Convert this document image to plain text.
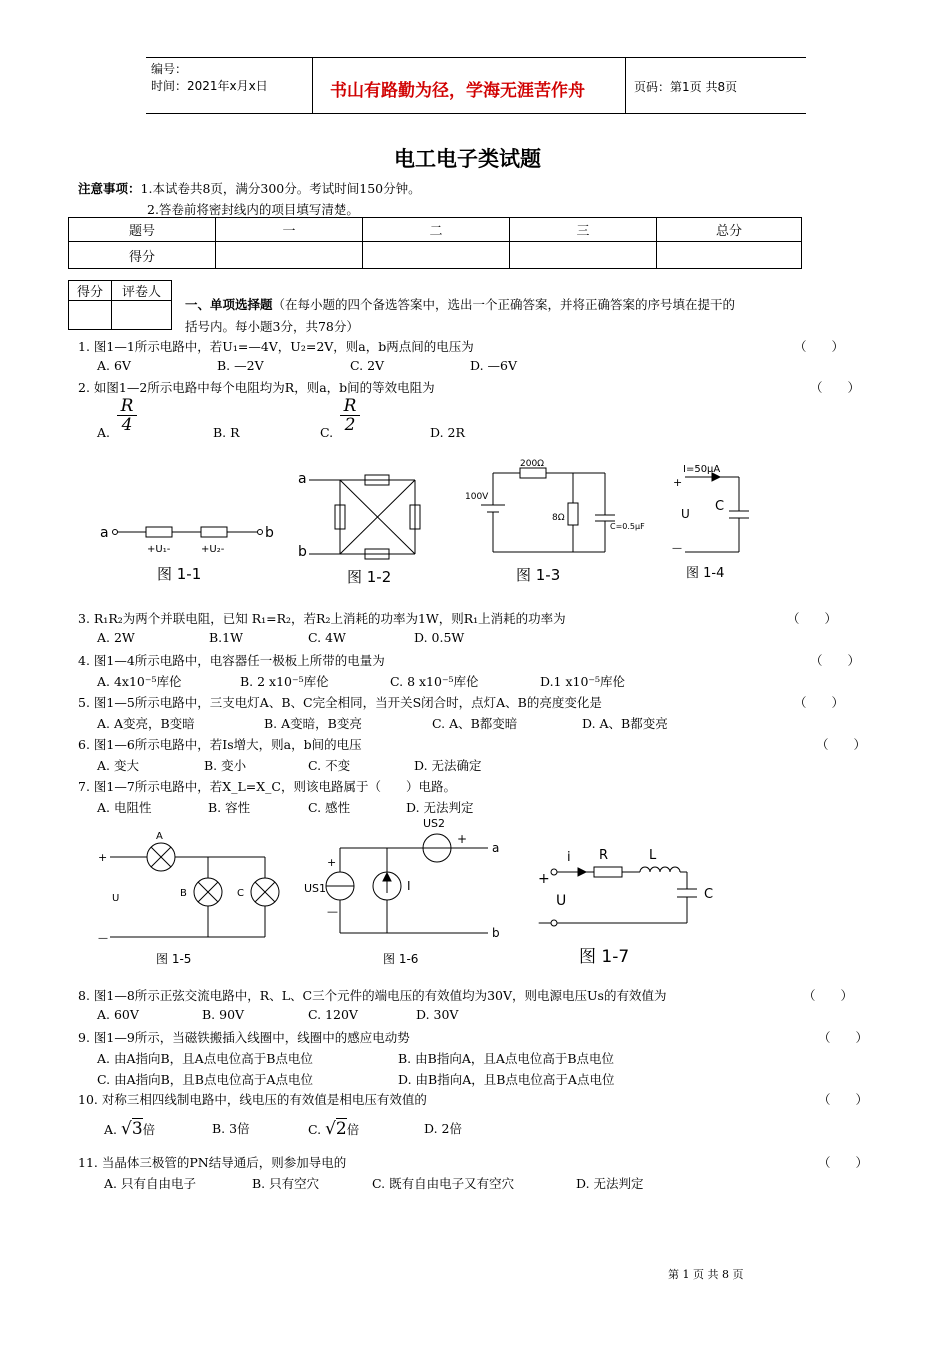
编号：
时间：2021年x月x日	书山有路勤为径，学海无涯苦作舟	页码：第1页 共8页
电工电子类试题
注意事项：1.本试卷共8页，满分300分。考试时间150分钟。
2.答卷前将密封线内的项目填写清楚。
题号	一	二	三	总分
得分				
得分	评卷人

一、单项选择题（在每小题的四个备选答案中，选出一个正确答案，并将正确答案的序号填在提干的
括号内。每小题3分，共78分）
1. 图1—1所示电路中，若U₁=—4V，U₂=2V，则a，b两点间的电压为	（　　）
A. 6V	B. —2V	C. 2V	D. —6V
2. 如图1—2所示电路中每个电阻均为R，则a，b间的等效电阻为	（　　）
A. $\frac{R}{4}$	B. R	C. $\frac{R}{2}$	D. 2R
a	b
+U₁-	+U₂-
图 1-1
a
b
图 1-2
200Ω
100V
8Ω
C=0.5μF
图 1-3
I=50μA
+
U C
—
图 1-4
3. R₁R₂为两个并联电阻，已知 R₁=R₂，若R₂上消耗的功率为1W，则R₁上消耗的功率为	（　　）
A. 2W	B.1W	C. 4W	D. 0.5W
4. 图1—4所示电路中，电容器任一极板上所带的电量为	（　　）
A. 4x10⁻⁵库伦	B. 2 x10⁻⁵库伦	C. 8 x10⁻⁵库伦	D.1 x10⁻⁵库伦
5. 图1—5所示电路中，三支电灯A、B、C完全相同，当开关S闭合时，点灯A、B的亮度变化是	（　　）
A. A变亮，B变暗	B. A变暗，B变亮	C. A、B都变暗	D. A、B都变亮
6. 图1—6所示电路中，若Is增大，则a，b间的电压	（　　）
A. 变大	B. 变小	C. 不变	D. 无法确定
7. 图1—7所示电路中，若X_L=X_C，则该电路属于（　　）电路。
A. 电阻性	B. 容性	C. 感性	D. 无法判定
A
B	C
+
U
—
图 1-5
US2
US1	I
a
b
+
+
—
图 1-6
i R	L
C
U
+
—
图 1-7
8. 图1—8所示正弦交流电路中，R、L、C三个元件的端电压的有效值均为30V，则电源电压Us的有效值为	（　　）
A. 60V	B. 90V	C. 120V	D. 30V
9. 图1—9所示，当磁铁搬插入线圈中，线圈中的感应电动势	（　　）
A. 由A指向B，且A点电位高于B点电位	B. 由B指向A，且A点电位高于B点电位
C. 由A指向B，且B点电位高于A点电位	D. 由B指向A，且B点电位高于A点电位
10. 对称三相四线制电路中，线电压的有效值是相电压有效值的	（　　）
A. √3倍	B. 3倍	C. √2倍	D. 2倍
11. 当晶体三极管的PN结导通后，则参加导电的	（　　）
A. 只有自由电子	B. 只有空穴	C. 既有自由电子又有空穴	D. 无法判定
第 1 页 共 8 页
